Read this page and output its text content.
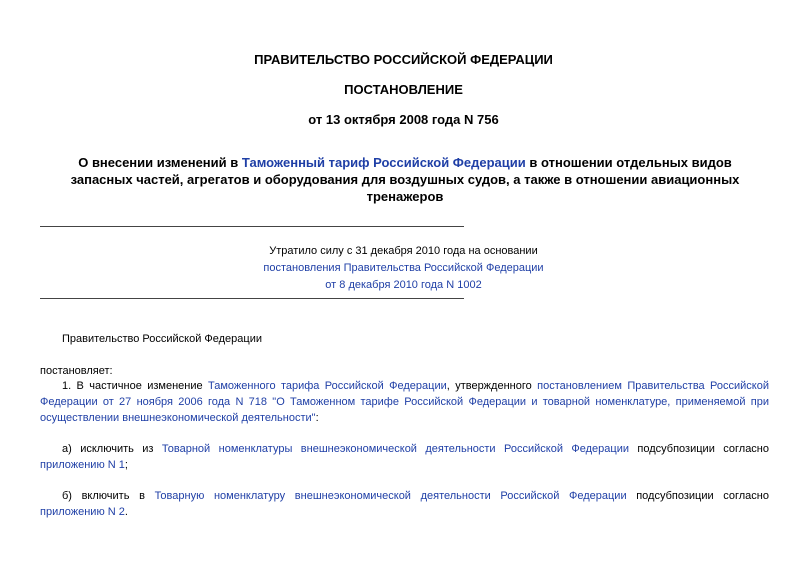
ПРАВИТЕЛЬСТВО РОССИЙСКОЙ ФЕДЕРАЦИИ
ПОСТАНОВЛЕНИЕ
от 13 октября 2008 года N 756
О внесении изменений в Таможенный тариф Российской Федерации в отношении отдельных видов запасных частей, агрегатов и оборудования для воздушных судов, а также в отношении авиационных тренажеров
Утратило силу с 31 декабря 2010 года на основании
постановления Правительства Российской Федерации
от 8 декабря 2010 года N 1002
Правительство Российской Федерации
постановляет:
1. В частичное изменение Таможенного тарифа Российской Федерации, утвержденного постановлением Правительства Российской Федерации от 27 ноября 2006 года N 718 "О Таможенном тарифе Российской Федерации и товарной номенклатуре, применяемой при осуществлении внешнеэкономической деятельности":
а) исключить из Товарной номенклатуры внешнеэкономической деятельности Российской Федерации подсубпозиции согласно приложению N 1;
б) включить в Товарную номенклатуру внешнеэкономической деятельности Российской Федерации подсубпозиции согласно приложению N 2.
